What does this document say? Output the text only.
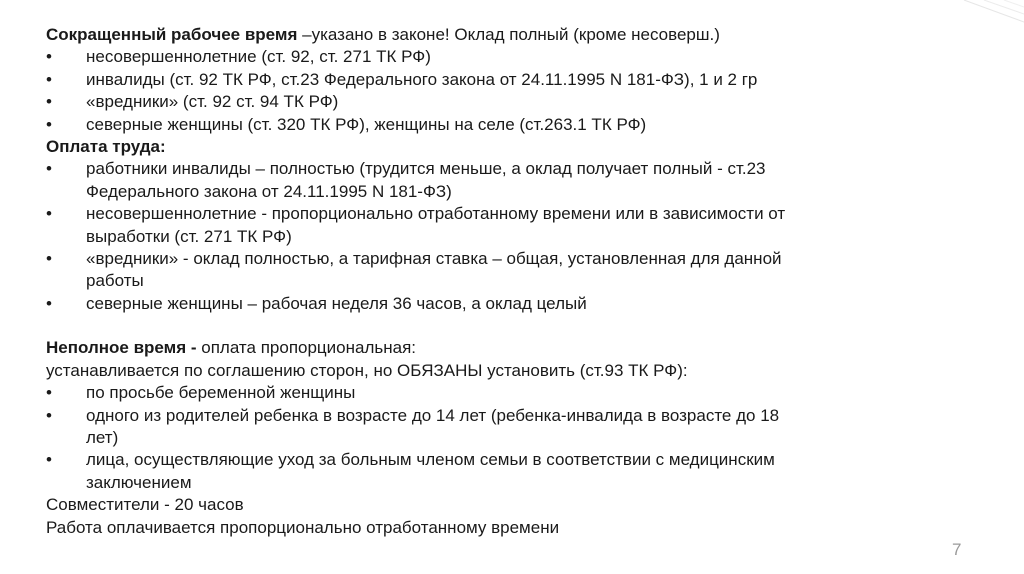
Сокращенный рабочее время –указано в законе! Оклад полный (кроме несоверш.)

•	несовершеннолетние (ст. 92, ст. 271 ТК РФ)
•	инвалиды (ст. 92 ТК РФ, ст.23 Федерального закона от 24.11.1995 N 181-ФЗ), 1 и 2 гр
•	«вредники» (ст. 92 ст. 94 ТК РФ)
•	северные женщины (ст. 320 ТК РФ), женщины на селе (ст.263.1 ТК РФ)

Оплата труда:

•	работники инвалиды – полностью (трудится меньше, а оклад получает полный - ст.23
Федерального закона от 24.11.1995 N 181-ФЗ)
•	несовершеннолетние - пропорционально отработанному времени или в зависимости от
выработки (ст. 271 ТК РФ)
•	«вредники» - оклад полностью, а тарифная ставка – общая, установленная для данной
работы
•	северные женщины – рабочая неделя 36 часов, а оклад целый

Неполное время - оплата пропорциональная:

устанавливается по соглашению сторон, но ОБЯЗАНЫ установить (ст.93 ТК РФ):

•	по просьбе беременной женщины
•	одного из родителей ребенка в возрасте до 14 лет (ребенка-инвалида в возрасте до 18
лет)
•	лица, осуществляющие уход за больным членом семьи в соответствии с медицинским
заключением

Совместители - 20 часов

Работа оплачивается пропорционально отработанному времени

7
